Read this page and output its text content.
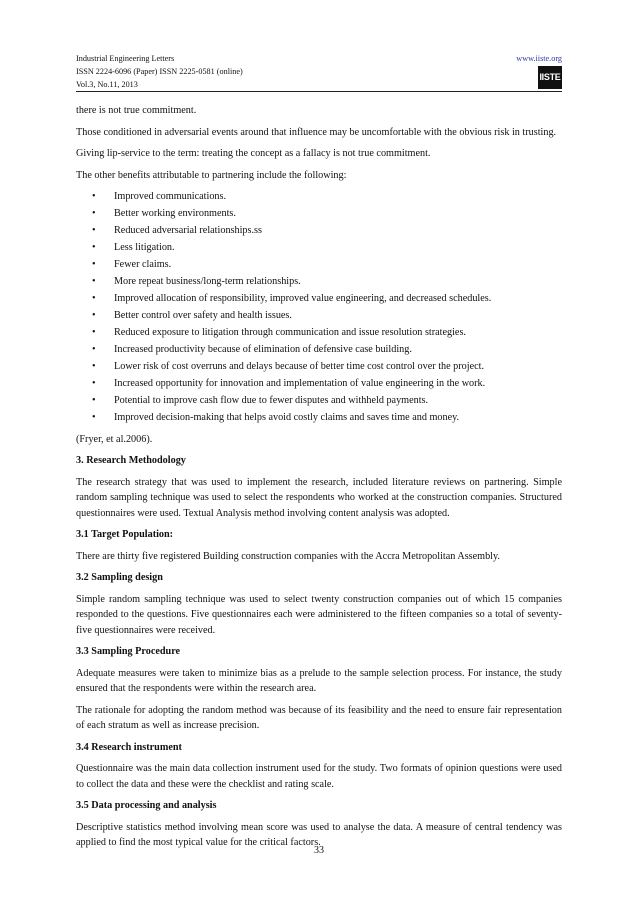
Industrial Engineering Letters	www.iiste.org
ISSN 2224-6096 (Paper) ISSN 2225-0581 (online)
Vol.3, No.11, 2013
IISTE

there is not true commitment.

Those conditioned in adversarial events around that influence may be uncomfortable with the obvious risk in trusting.

Giving lip-service to the term: treating the concept as a fallacy is not true commitment.

The other benefits attributable to partnering include the following:

• Improved communications.
• Better working environments.
• Reduced adversarial relationships.ss
• Less litigation.
• Fewer claims.
• More repeat business/long-term relationships.
• Improved allocation of responsibility, improved value engineering, and decreased schedules.
• Better control over safety and health issues.
• Reduced exposure to litigation through communication and issue resolution strategies.
• Increased productivity because of elimination of defensive case building.
• Lower risk of cost overruns and delays because of better time cost control over the project.
• Increased opportunity for innovation and implementation of value engineering in the work.
• Potential to improve cash flow due to fewer disputes and withheld payments.
• Improved decision-making that helps avoid costly claims and saves time and money.

(Fryer, et al.2006).

3. Research Methodology

The research strategy that was used to implement the research, included literature reviews on partnering. Simple random sampling technique was used to select the respondents who worked at the construction companies. Structured questionnaires were used. Textual Analysis method involving content analysis was adopted.

3.1 Target Population:

There are thirty five registered Building construction companies with the Accra Metropolitan Assembly.

3.2 Sampling design

Simple random sampling technique was used to select twenty construction companies out of which 15 companies responded to the questions. Five questionnaires each were administered to the fifteen companies so a total of seventy-five questionnaires were received.

3.3 Sampling Procedure

Adequate measures were taken to minimize bias as a prelude to the sample selection process. For instance, the study ensured that the respondents were within the research area.

The rationale for adopting the random method was because of its feasibility and the need to ensure fair representation of each stratum as well as increase precision.

3.4 Research instrument

Questionnaire was the main data collection instrument used for the study. Two formats of opinion questions were used to collect the data and these were the checklist and rating scale.

3.5 Data processing and analysis

Descriptive statistics method involving mean score was used to analyse the data. A measure of central tendency was applied to find the most typical value for the critical factors.

33
